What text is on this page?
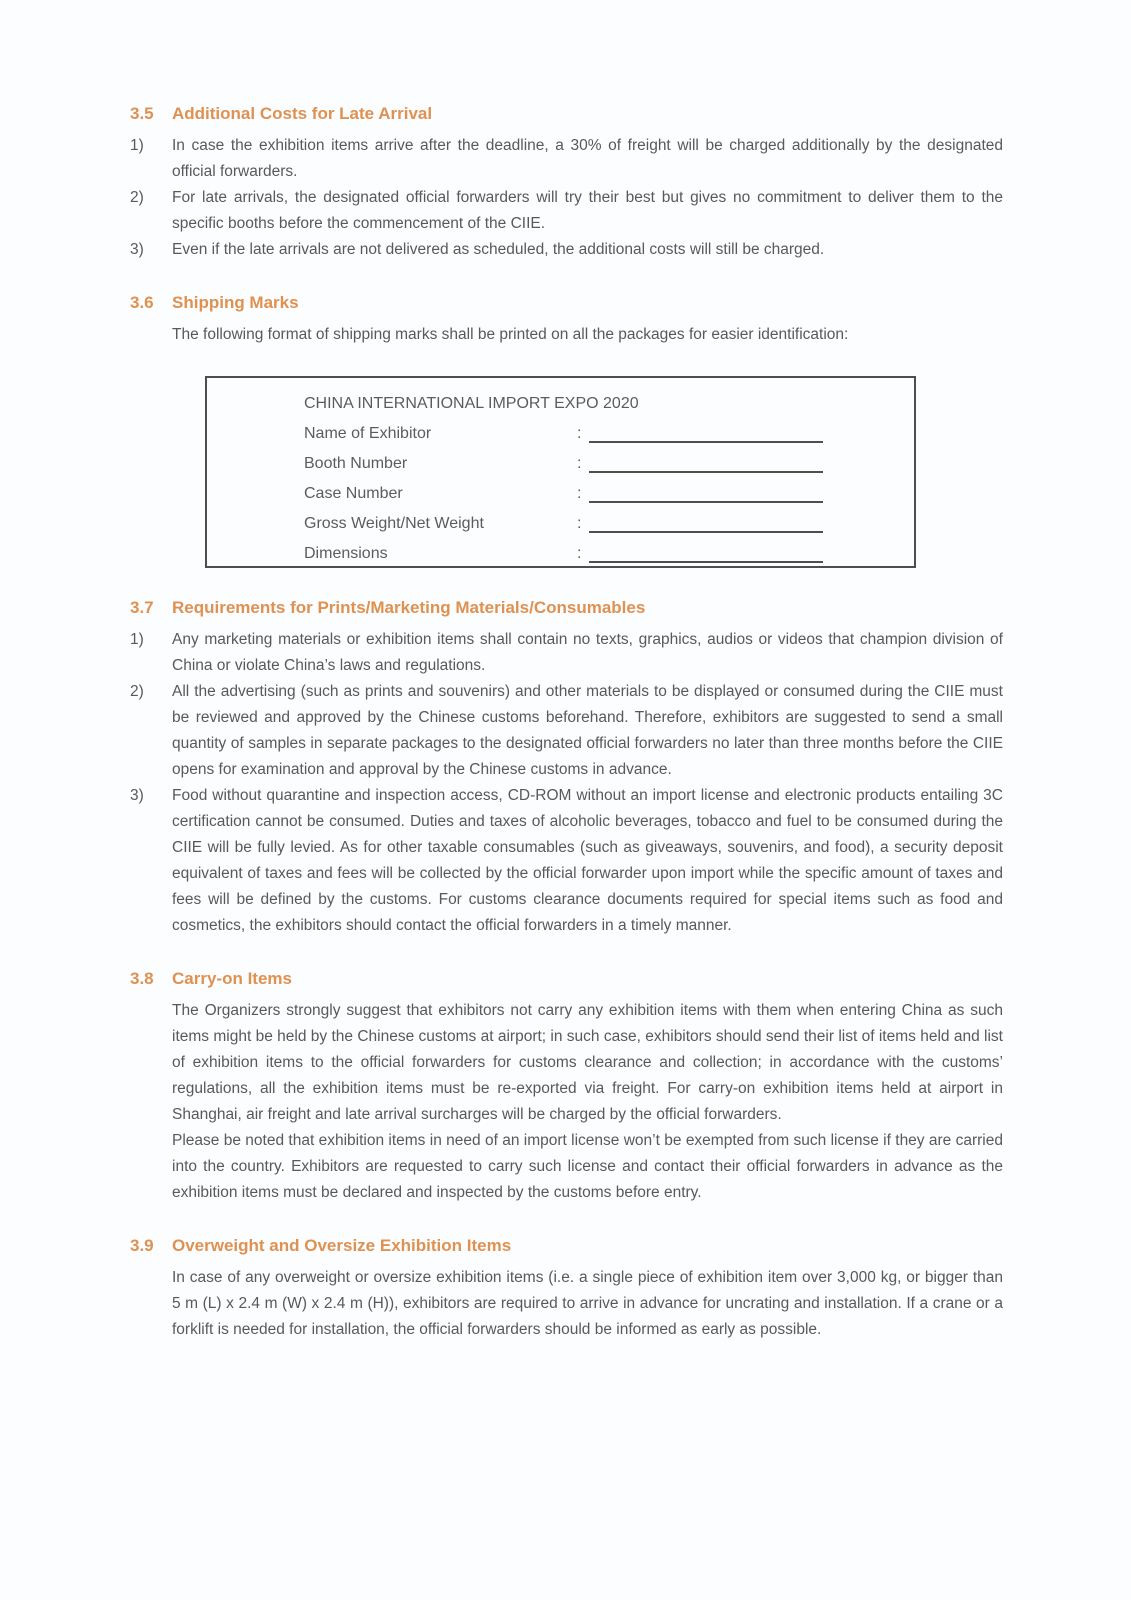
3.5	Additional Costs for Late Arrival
1)	In case the exhibition items arrive after the deadline, a 30% of freight will be charged additionally by the designated official forwarders.

2)	For late arrivals, the designated official forwarders will try their best but gives no commitment to deliver them to the specific booths before the commencement of the CIIE.

3)	Even if the late arrivals are not delivered as scheduled, the additional costs will still be charged.

3.6	Shipping Marks

The following format of shipping marks shall be printed on all the packages for easier identification:

CHINA INTERNATIONAL IMPORT EXPO 2020
Name of Exhibitor	:
Booth Number	:
Case Number	:
Gross Weight/Net Weight	:
Dimensions	:
3.7	Requirements for Prints/Marketing Materials/Consumables
1)	Any marketing materials or exhibition items shall contain no texts, graphics, audios or videos that champion division of China or violate China’s laws and regulations.

2)	All the advertising (such as prints and souvenirs) and other materials to be displayed or consumed during the CIIE must be reviewed and approved by the Chinese customs beforehand. Therefore, exhibitors are suggested to send a small quantity of samples in separate packages to the designated official forwarders no later than three months before the CIIE opens for examination and approval by the Chinese customs in advance.

3)	Food without quarantine and inspection access, CD-ROM without an import license and electronic products entailing 3C certification cannot be consumed. Duties and taxes of alcoholic beverages, tobacco and fuel to be consumed during the CIIE will be fully levied. As for other taxable consumables (such as giveaways, souvenirs, and food), a security deposit equivalent of taxes and fees will be collected by the official forwarder upon import while the specific amount of taxes and fees will be defined by the customs. For customs clearance documents required for special items such as food and cosmetics, the exhibitors should contact the official forwarders in a timely manner.

3.8	Carry-on Items

The Organizers strongly suggest that exhibitors not carry any exhibition items with them when entering China as such items might be held by the Chinese customs at airport; in such case, exhibitors should send their list of items held and list of exhibition items to the official forwarders for customs clearance and collection; in accordance with the customs’ regulations, all the exhibition items must be re-exported via freight. For carry-on exhibition items held at airport in Shanghai, air freight and late arrival surcharges will be charged by the official forwarders.

Please be noted that exhibition items in need of an import license won’t be exempted from such license if they are carried into the country. Exhibitors are requested to carry such license and contact their official forwarders in advance as the exhibition items must be declared and inspected by the customs before entry.

3.9	Overweight and Oversize Exhibition Items

In case of any overweight or oversize exhibition items (i.e. a single piece of exhibition item over 3,000 kg, or bigger than 5 m (L) x 2.4 m (W) x 2.4 m (H)), exhibitors are required to arrive in advance for uncrating and installation. If a crane or a forklift is needed for installation, the official forwarders should be informed as early as possible.
